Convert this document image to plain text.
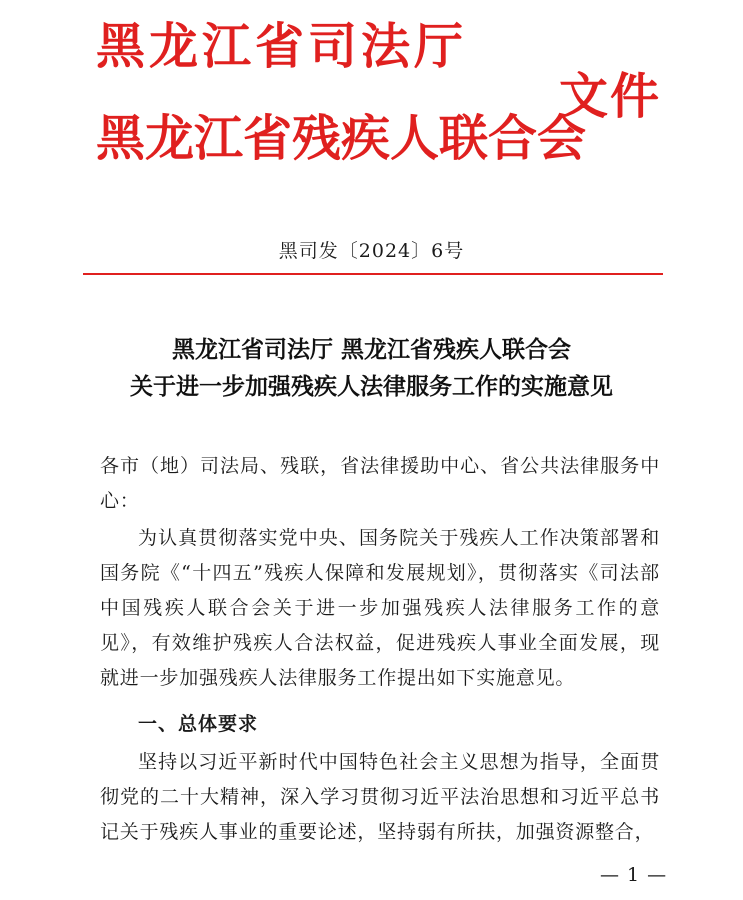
黑龙江省司法厅
黑龙江省残疾人联合会
文件
黑司发〔2024〕6号
黑龙江省司法厅 黑龙江省残疾人联合会
关于进一步加强残疾人法律服务工作的实施意见
各市（地）司法局、残联，省法律援助中心、省公共法律服务中心：
为认真贯彻落实党中央、国务院关于残疾人工作决策部署和国务院《“十四五”残疾人保障和发展规划》，贯彻落实《司法部 中国残疾人联合会关于进一步加强残疾人法律服务工作的意见》，有效维护残疾人合法权益，促进残疾人事业全面发展，现就进一步加强残疾人法律服务工作提出如下实施意见。
一、总体要求
坚持以习近平新时代中国特色社会主义思想为指导，全面贯彻党的二十大精神，深入学习贯彻习近平法治思想和习近平总书记关于残疾人事业的重要论述，坚持弱有所扶，加强资源整合，
— 1 —
